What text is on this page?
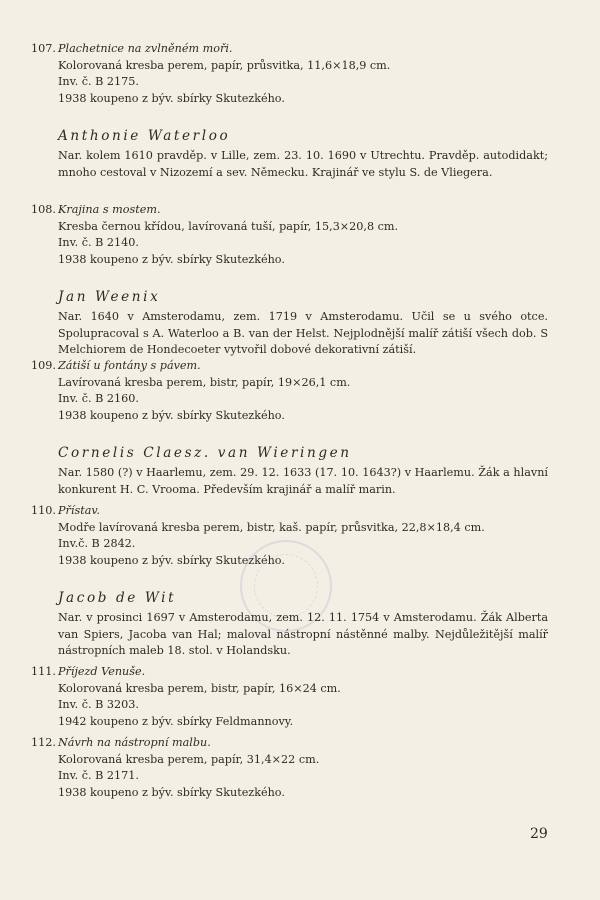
107. Plachetnice na zvlněném moři.
Kolorovaná kresba perem, papír, průsvitka, 11,6×18,9 cm.
Inv. č. B 2175.
1938 koupeno z býv. sbírky Skutezkého.
Anthonie Waterloo
Nar. kolem 1610 pravděp. v Lille, zem. 23. 10. 1690 v Utrechtu. Pravděp. autodidakt; mnoho cestoval v Nizozemí a sev. Německu. Krajinář ve stylu S. de Vliegera.
108. Krajina s mostem.
Kresba černou křídou, lavírovaná tuší, papír, 15,3×20,8 cm.
Inv. č. B 2140.
1938 koupeno z býv. sbírky Skutezkého.
Jan Weenix
Nar. 1640 v Amsterodamu, zem. 1719 v Amsterodamu. Učil se u svého otce. Spolupracoval s A. Waterloo a B. van der Helst. Nejplodnější malíř zátiší všech dob. S Melchiorem de Hondecoeter vytvořil dobové dekorativní zátiší.
109. Zátiší u fontány s pávem.
Lavírovaná kresba perem, bistr, papír, 19×26,1 cm.
Inv. č. B 2160.
1938 koupeno z býv. sbírky Skutezkého.
Cornelis Claesz. van Wieringen
Nar. 1580 (?) v Haarlemu, zem. 29. 12. 1633 (17. 10. 1643?) v Haarlemu. Žák a hlavní konkurent H. C. Vrooma. Především krajinář a malíř marin.
110. Přístav.
Modře lavírovaná kresba perem, bistr, kaš. papír, průsvitka, 22,8×18,4 cm.
Inv.č. B 2842.
1938 koupeno z býv. sbírky Skutezkého.
Jacob de Wit
Nar. v prosinci 1697 v Amsterodamu, zem. 12. 11. 1754 v Amsterodamu. Žák Alberta van Spiers, Jacoba van Hal; maloval nástropní nástěnné malby. Nejdůležitější malíř nástropních maleb 18. stol. v Holandsku.
111. Příjezd Venuše.
Kolorovaná kresba perem, bistr, papír, 16×24 cm.
Inv. č. B 3203.
1942 koupeno z býv. sbírky Feldmannovy.
112. Návrh na nástropní malbu.
Kolorovaná kresba perem, papír, 31,4×22 cm.
Inv. č. B 2171.
1938 koupeno z býv. sbírky Skutezkého.
29
